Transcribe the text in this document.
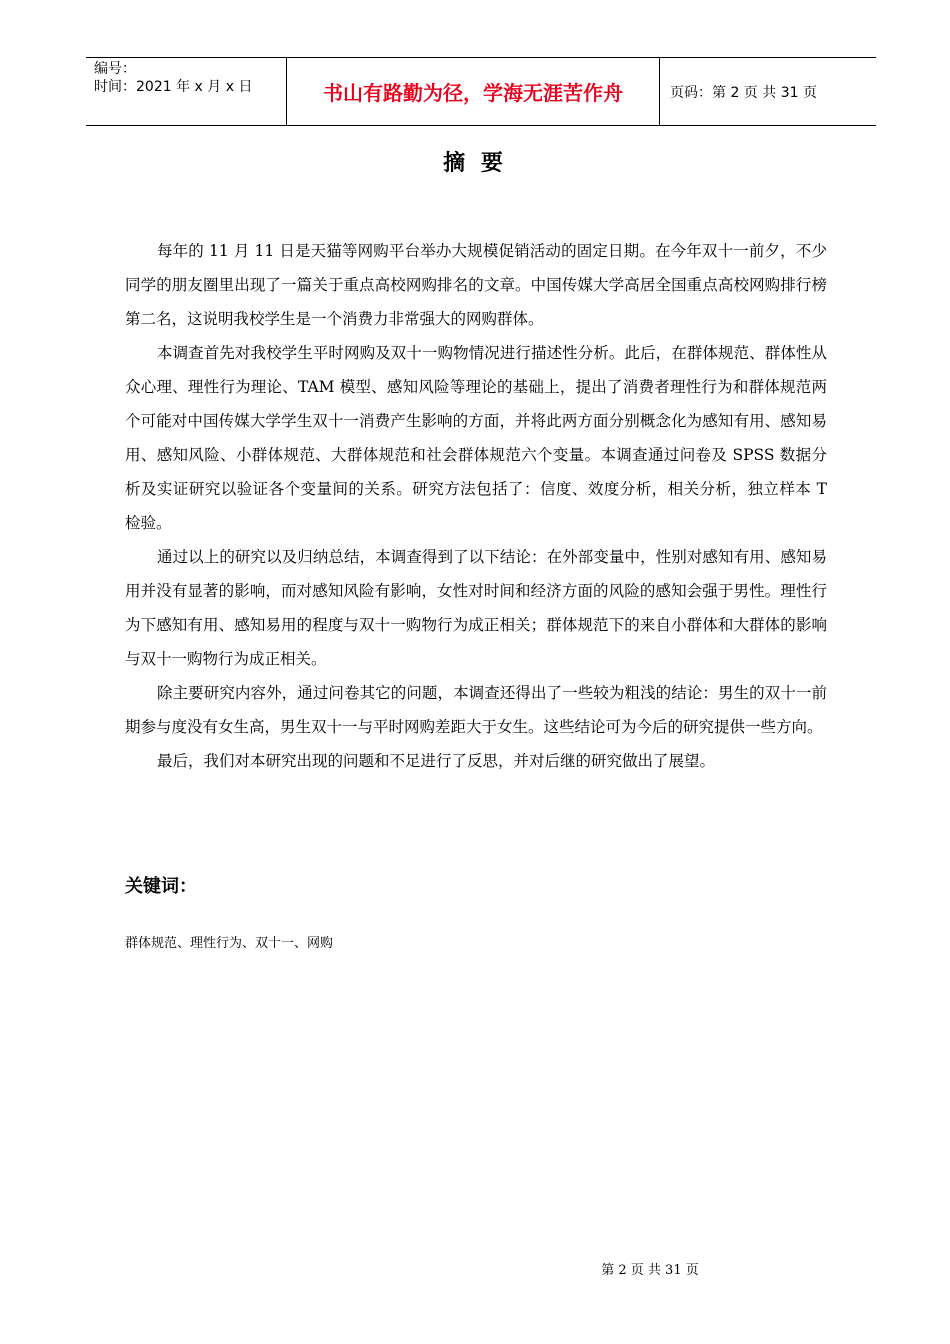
编号：
时间：2021 年 x 月 x 日	书山有路勤为径，学海无涯苦作舟	页码：第 2 页 共 31 页
摘 要

每年的 11 月 11 日是天猫等网购平台举办大规模促销活动的固定日期。在今年双十一前夕，不少同学的朋友圈里出现了一篇关于重点高校网购排名的文章。中国传媒大学高居全国重点高校网购排行榜第二名，这说明我校学生是一个消费力非常强大的网购群体。

本调查首先对我校学生平时网购及双十一购物情况进行描述性分析。此后，在群体规范、群体性从众心理、理性行为理论、TAM 模型、感知风险等理论的基础上，提出了消费者理性行为和群体规范两个可能对中国传媒大学学生双十一消费产生影响的方面，并将此两方面分别概念化为感知有用、感知易用、感知风险、小群体规范、大群体规范和社会群体规范六个变量。本调查通过问卷及 SPSS 数据分析及实证研究以验证各个变量间的关系。研究方法包括了：信度、效度分析，相关分析，独立样本 T 检验。

通过以上的研究以及归纳总结，本调查得到了以下结论：在外部变量中，性别对感知有用、感知易用并没有显著的影响，而对感知风险有影响，女性对时间和经济方面的风险的感知会强于男性。理性行为下感知有用、感知易用的程度与双十一购物行为成正相关；群体规范下的来自小群体和大群体的影响与双十一购物行为成正相关。

除主要研究内容外，通过问卷其它的问题，本调查还得出了一些较为粗浅的结论：男生的双十一前期参与度没有女生高，男生双十一与平时网购差距大于女生。这些结论可为今后的研究提供一些方向。

最后，我们对本研究出现的问题和不足进行了反思，并对后继的研究做出了展望。

关键词：
群体规范、理性行为、双十一、网购
第 2 页 共 31 页
